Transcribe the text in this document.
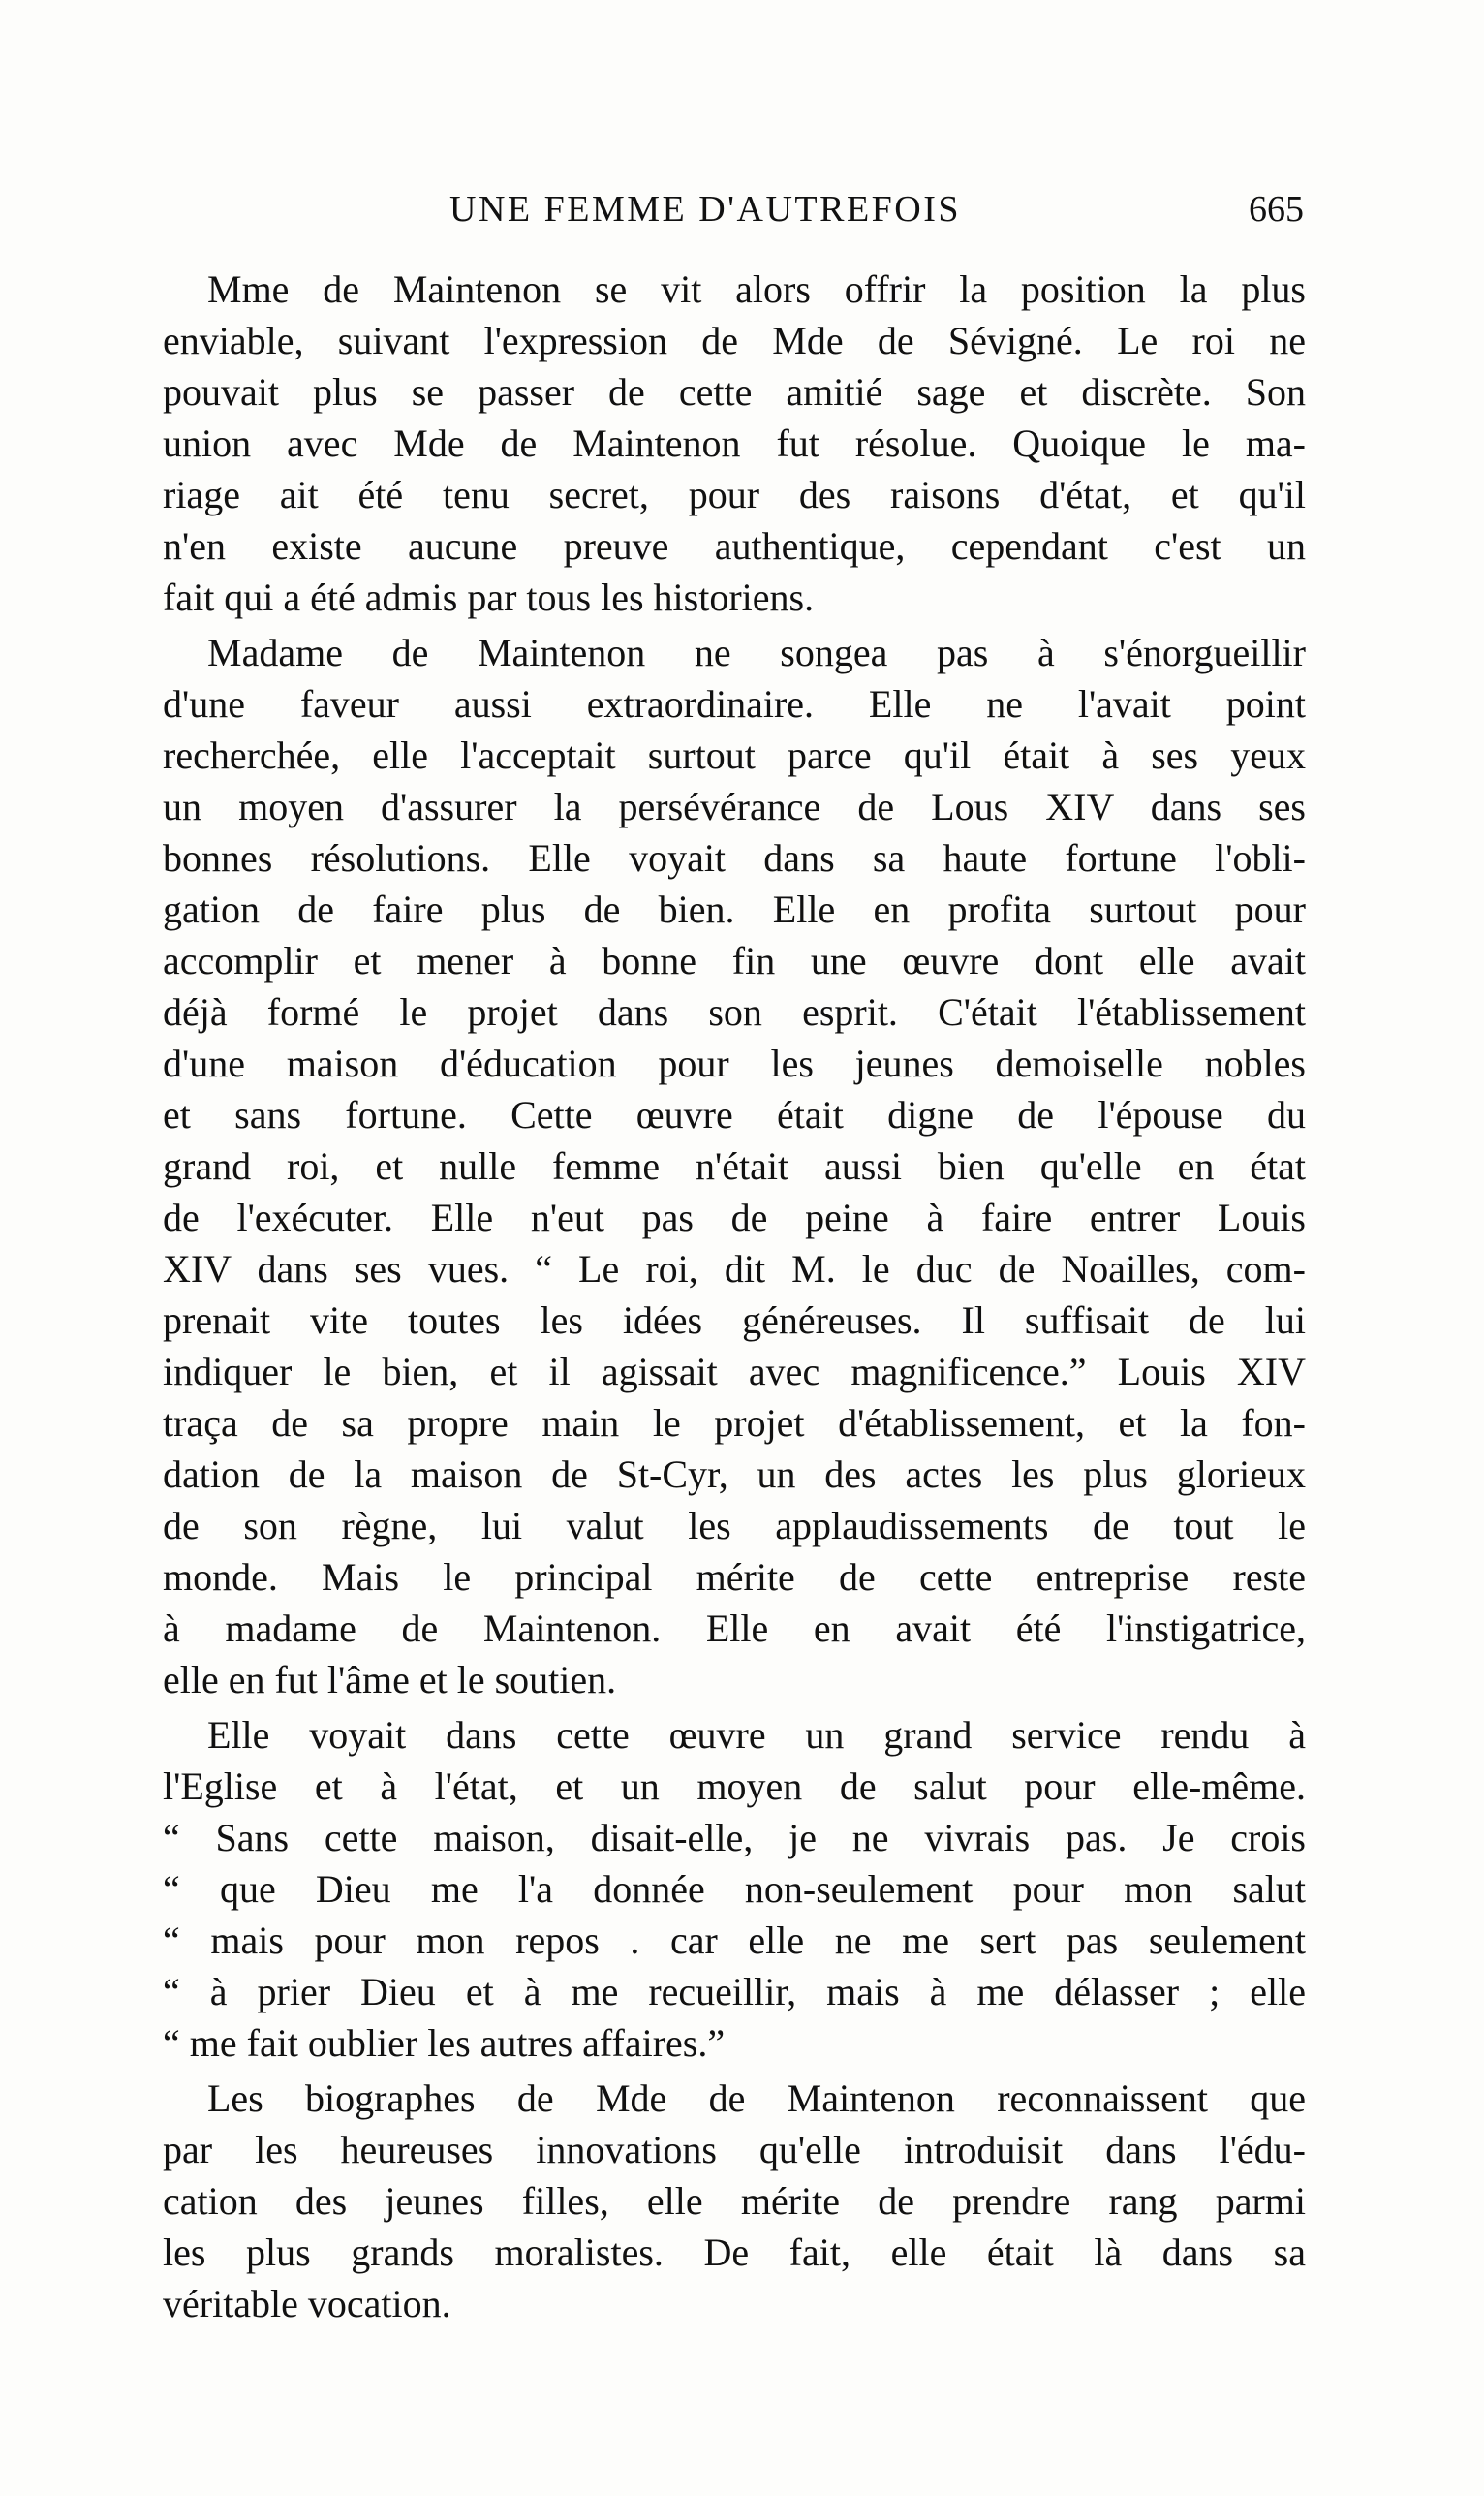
UNE FEMME D'AUTREFOIS	665
Mme de Maintenon se vit alors offrir la position la plus
enviable, suivant l'expression de Mde de Sévigné. Le roi ne
pouvait plus se passer de cette amitié sage et discrète. Son
union avec Mde de Maintenon fut résolue. Quoique le ma-
riage ait été tenu secret, pour des raisons d'état, et qu'il
n'en existe aucune preuve authentique, cependant c'est un
fait qui a été admis par tous les historiens.
Madame de Maintenon ne songea pas à s'énorgueillir
d'une faveur aussi extraordinaire. Elle ne l'avait point
recherchée, elle l'acceptait surtout parce qu'il était à ses yeux
un moyen d'assurer la persévérance de Lous XIV dans ses
bonnes résolutions. Elle voyait dans sa haute fortune l'obli-
gation de faire plus de bien. Elle en profita surtout pour
accomplir et mener à bonne fin une œuvre dont elle avait
déjà formé le projet dans son esprit. C'était l'établissement
d'une maison d'éducation pour les jeunes demoiselle nobles
et sans fortune. Cette œuvre était digne de l'épouse du
grand roi, et nulle femme n'était aussi bien qu'elle en état
de l'exécuter. Elle n'eut pas de peine à faire entrer Louis
XIV dans ses vues. “ Le roi, dit M. le duc de Noailles, com-
prenait vite toutes les idées généreuses. Il suffisait de lui
indiquer le bien, et il agissait avec magnificence.” Louis XIV
traça de sa propre main le projet d'établissement, et la fon-
dation de la maison de St-Cyr, un des actes les plus glorieux
de son règne, lui valut les applaudissements de tout le
monde. Mais le principal mérite de cette entreprise reste
à madame de Maintenon. Elle en avait été l'instigatrice,
elle en fut l'âme et le soutien.
Elle voyait dans cette œuvre un grand service rendu à
l'Eglise et à l'état, et un moyen de salut pour elle-même.
“ Sans cette maison, disait-elle, je ne vivrais pas. Je crois
“ que Dieu me l'a donnée non-seulement pour mon salut
“ mais pour mon repos . car elle ne me sert pas seulement
“ à prier Dieu et à me recueillir, mais à me délasser ; elle
“ me fait oublier les autres affaires.”
Les biographes de Mde de Maintenon reconnaissent que
par les heureuses innovations qu'elle introduisit dans l'édu-
cation des jeunes filles, elle mérite de prendre rang parmi
les plus grands moralistes. De fait, elle était là dans sa
véritable vocation.
